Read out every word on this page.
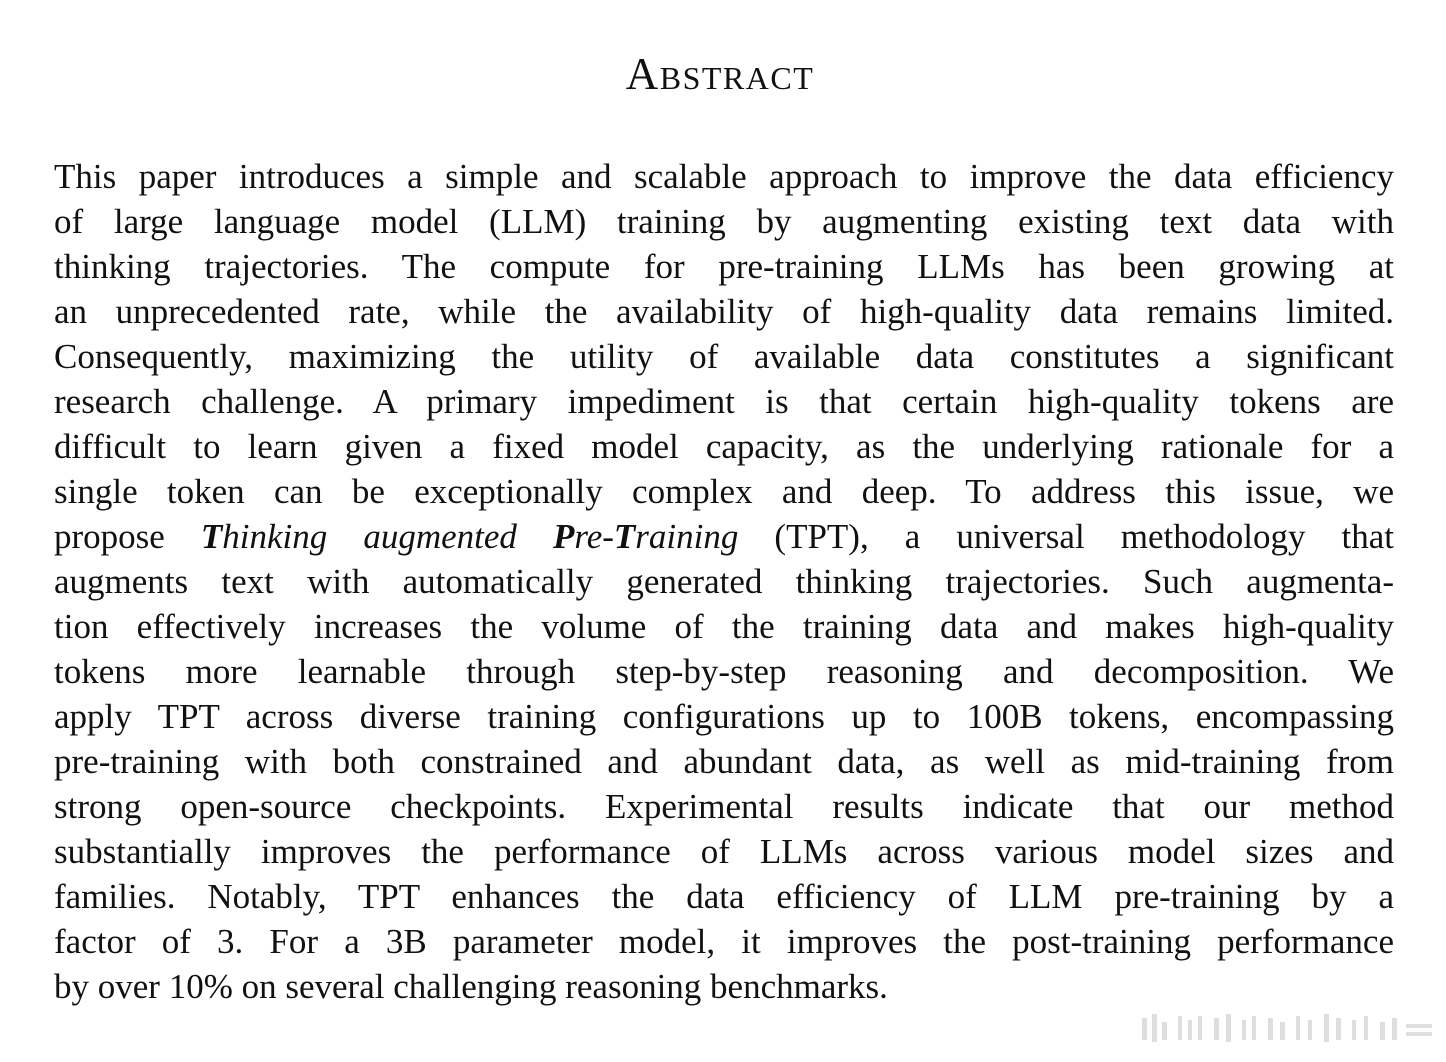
Abstract
This paper introduces a simple and scalable approach to improve the data efficiency
of large language model (LLM) training by augmenting existing text data with
thinking trajectories. The compute for pre-training LLMs has been growing at
an unprecedented rate, while the availability of high-quality data remains limited.
Consequently, maximizing the utility of available data constitutes a significant
research challenge. A primary impediment is that certain high-quality tokens are
difficult to learn given a fixed model capacity, as the underlying rationale for a
single token can be exceptionally complex and deep. To address this issue, we
propose Thinking augmented Pre-Training (TPT), a universal methodology that
augments text with automatically generated thinking trajectories. Such augmenta-
tion effectively increases the volume of the training data and makes high-quality
tokens more learnable through step-by-step reasoning and decomposition. We
apply TPT across diverse training configurations up to 100B tokens, encompassing
pre-training with both constrained and abundant data, as well as mid-training from
strong open-source checkpoints. Experimental results indicate that our method
substantially improves the performance of LLMs across various model sizes and
families. Notably, TPT enhances the data efficiency of LLM pre-training by a
factor of 3. For a 3B parameter model, it improves the post-training performance
by over 10% on several challenging reasoning benchmarks.
